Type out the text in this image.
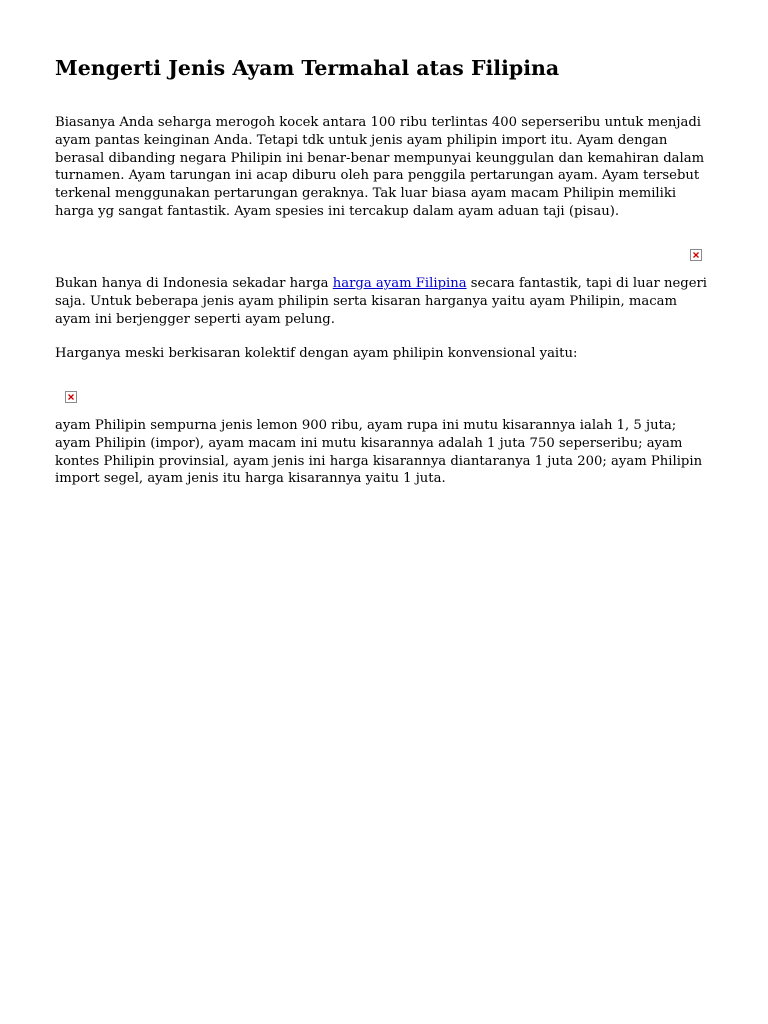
Mengerti Jenis Ayam Termahal atas Filipina

Biasanya Anda seharga merogoh kocek antara 100 ribu terlintas 400 seperseribu untuk menjadi ayam pantas keinginan Anda. Tetapi tdk untuk jenis ayam philipin import itu. Ayam dengan berasal dibanding negara Philipin ini benar-benar mempunyai keunggulan dan kemahiran dalam turnamen. Ayam tarungan ini acap diburu oleh para penggila pertarungan ayam. Ayam tersebut terkenal menggunakan pertarungan geraknya. Tak luar biasa ayam macam Philipin memiliki harga yg sangat fantastik. Ayam spesies ini tercakup dalam ayam aduan taji (pisau).

Bukan hanya di Indonesia sekadar harga harga ayam Filipina secara fantastik, tapi di luar negeri saja. Untuk beberapa jenis ayam philipin serta kisaran harganya yaitu ayam Philipin, macam ayam ini berjengger seperti ayam pelung.

Harganya meski berkisaran kolektif dengan ayam philipin konvensional yaitu:

ayam Philipin sempurna jenis lemon 900 ribu, ayam rupa ini mutu kisarannya ialah 1, 5 juta; ayam Philipin (impor), ayam macam ini mutu kisarannya adalah 1 juta 750 seperseribu; ayam kontes Philipin provinsial, ayam jenis ini harga kisarannya diantaranya 1 juta 200; ayam Philipin import segel, ayam jenis itu harga kisarannya yaitu 1 juta.
